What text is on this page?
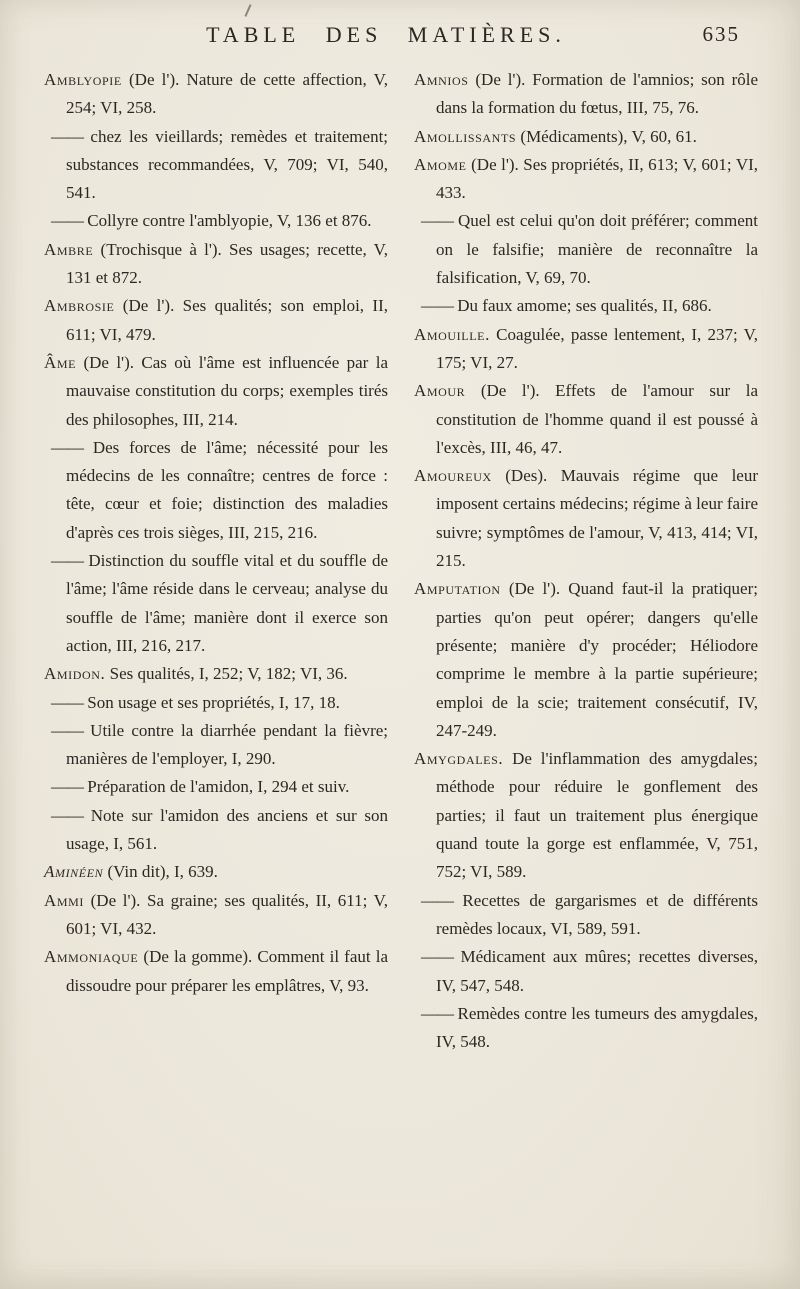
TABLE DES MATIÈRES.	635
Amblyopie (De l'). Nature de cette affection, V, 254; VI, 258.
—— chez les vieillards; remèdes et traitement; substances recommandées, V, 709; VI, 540, 541.
—— Collyre contre l'amblyopie, V, 136 et 876.
Ambre (Trochisque à l'). Ses usages; recette, V, 131 et 872.
Ambrosie (De l'). Ses qualités; son emploi, II, 611; VI, 479.
Âme (De l'). Cas où l'âme est influencée par la mauvaise constitution du corps; exemples tirés des philosophes, III, 214.
—— Des forces de l'âme; nécessité pour les médecins de les connaître; centres de force : tête, cœur et foie; distinction des maladies d'après ces trois sièges, III, 215, 216.
—— Distinction du souffle vital et du souffle de l'âme; l'âme réside dans le cerveau; analyse du souffle de l'âme; manière dont il exerce son action, III, 216, 217.
Amidon. Ses qualités, I, 252; V, 182; VI, 36.
—— Son usage et ses propriétés, I, 17, 18.
—— Utile contre la diarrhée pendant la fièvre; manières de l'employer, I, 290.
—— Préparation de l'amidon, I, 294 et suiv.
—— Note sur l'amidon des anciens et sur son usage, I, 561.
Aminéen (Vin dit), I, 639.
Ammi (De l'). Sa graine; ses qualités, II, 611; V, 601; VI, 432.
Ammoniaque (De la gomme). Comment il faut la dissoudre pour préparer les emplâtres, V, 93.
Amnios (De l'). Formation de l'amnios; son rôle dans la formation du fœtus, III, 75, 76.
Amollissants (Médicaments), V, 60, 61.
Amome (De l'). Ses propriétés, II, 613; V, 601; VI, 433.
—— Quel est celui qu'on doit préférer; comment on le falsifie; manière de reconnaître la falsification, V, 69, 70.
—— Du faux amome; ses qualités, II, 686.
Amouille. Coagulée, passe lentement, I, 237; V, 175; VI, 27.
Amour (De l'). Effets de l'amour sur la constitution de l'homme quand il est poussé à l'excès, III, 46, 47.
Amoureux (Des). Mauvais régime que leur imposent certains médecins; régime à leur faire suivre; symptômes de l'amour, V, 413, 414; VI, 215.
Amputation (De l'). Quand faut-il la pratiquer; parties qu'on peut opérer; dangers qu'elle présente; manière d'y procéder; Héliodore comprime le membre à la partie supérieure; emploi de la scie; traitement consécutif, IV, 247-249.
Amygdales. De l'inflammation des amygdales; méthode pour réduire le gonflement des parties; il faut un traitement plus énergique quand toute la gorge est enflammée, V, 751, 752; VI, 589.
—— Recettes de gargarismes et de différents remèdes locaux, VI, 589, 591.
—— Médicament aux mûres; recettes diverses, IV, 547, 548.
—— Remèdes contre les tumeurs des amygdales, IV, 548.
